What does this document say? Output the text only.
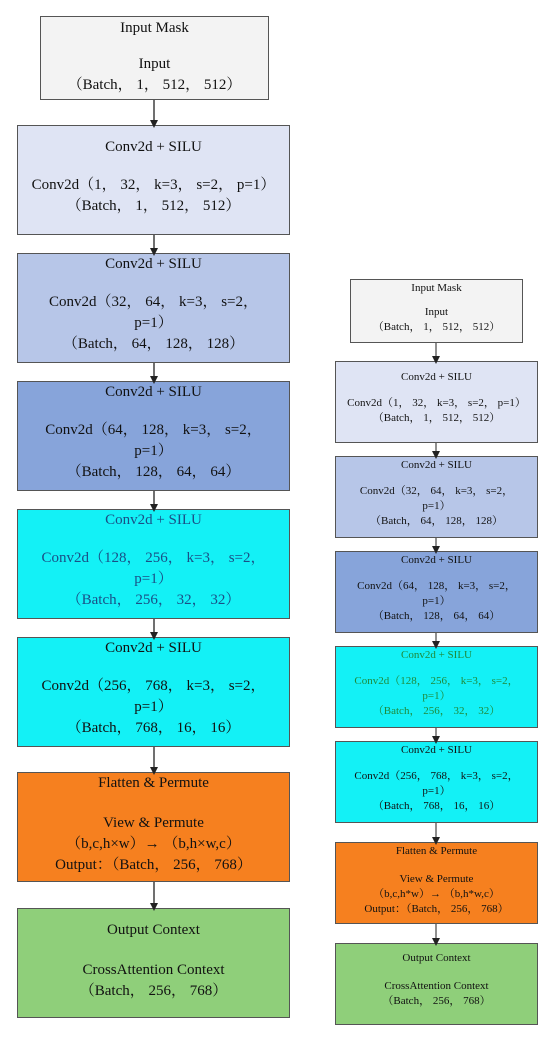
Input Mask
Input
（Batch， 1， 512， 512）
Conv2d + SILU
Conv2d（1， 32， k=3， s=2， p=1）
（Batch， 1， 512， 512）
Conv2d + SILU
Conv2d（32， 64， k=3， s=2，
p=1）
（Batch， 64， 128， 128）
Conv2d + SILU
Conv2d（64， 128， k=3， s=2，
p=1）
（Batch， 128， 64， 64）
Conv2d + SILU
Conv2d（128， 256， k=3， s=2，
p=1）
（Batch， 256， 32， 32）
Conv2d + SILU
Conv2d（256， 768， k=3， s=2，
p=1）
（Batch， 768， 16， 16）
Flatten & Permute
View & Permute
（b,c,h×w）→ （b,h×w,c）
Output：（Batch， 256， 768）
Output Context
CrossAttention Context
（Batch， 256， 768）
Input Mask
Input
（Batch， 1， 512， 512）
Conv2d + SILU
Conv2d（1， 32， k=3， s=2， p=1）
（Batch， 1， 512， 512）
Conv2d + SILU
Conv2d（32， 64， k=3， s=2，
p=1）
（Batch， 64， 128， 128）
Conv2d + SILU
Conv2d（64， 128， k=3， s=2，
p=1）
（Batch， 128， 64， 64）
Conv2d + SILU
Conv2d（128， 256， k=3， s=2，
p=1）
（Batch， 256， 32， 32）
Conv2d + SILU
Conv2d（256， 768， k=3， s=2，
p=1）
（Batch， 768， 16， 16）
Flatten & Permute
View & Permute
（b,c,h*w）→ （b,h*w,c）
Output：（Batch， 256， 768）
Output Context
CrossAttention Context
（Batch， 256， 768）
